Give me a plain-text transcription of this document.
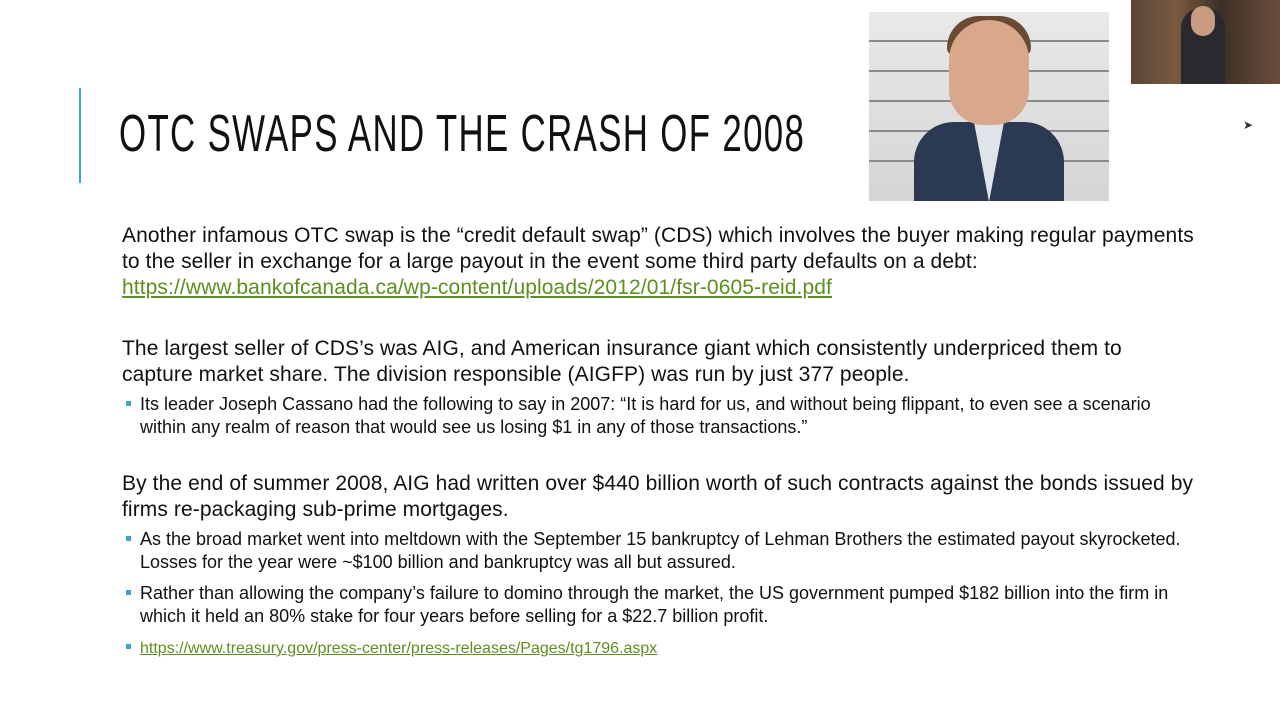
OTC SWAPS AND THE CRASH OF 2008	➤
Another infamous OTC swap is the “credit default swap” (CDS) which involves the buyer making regular payments to the seller in exchange for a large payout in the event some third party defaults on a debt: https://www.bankofcanada.ca/wp-content/uploads/2012/01/fsr-0605-reid.pdf
The largest seller of CDS’s was AIG, and American insurance giant which consistently underpriced them to capture market share. The division responsible (AIGFP) was run by just 377 people.
Its leader Joseph Cassano had the following to say in 2007: “It is hard for us, and without being flippant, to even see a scenario within any realm of reason that would see us losing $1 in any of those transactions.”
By the end of summer 2008, AIG had written over $440 billion worth of such contracts against the bonds issued by firms re-packaging sub-prime mortgages.
As the broad market went into meltdown with the September 15 bankruptcy of Lehman Brothers the estimated payout skyrocketed. Losses for the year were ~$100 billion and bankruptcy was all but assured.
Rather than allowing the company’s failure to domino through the market, the US government pumped $182 billion into the firm in which it held an 80% stake for four years before selling for a $22.7 billion profit.
https://www.treasury.gov/press-center/press-releases/Pages/tg1796.aspx
